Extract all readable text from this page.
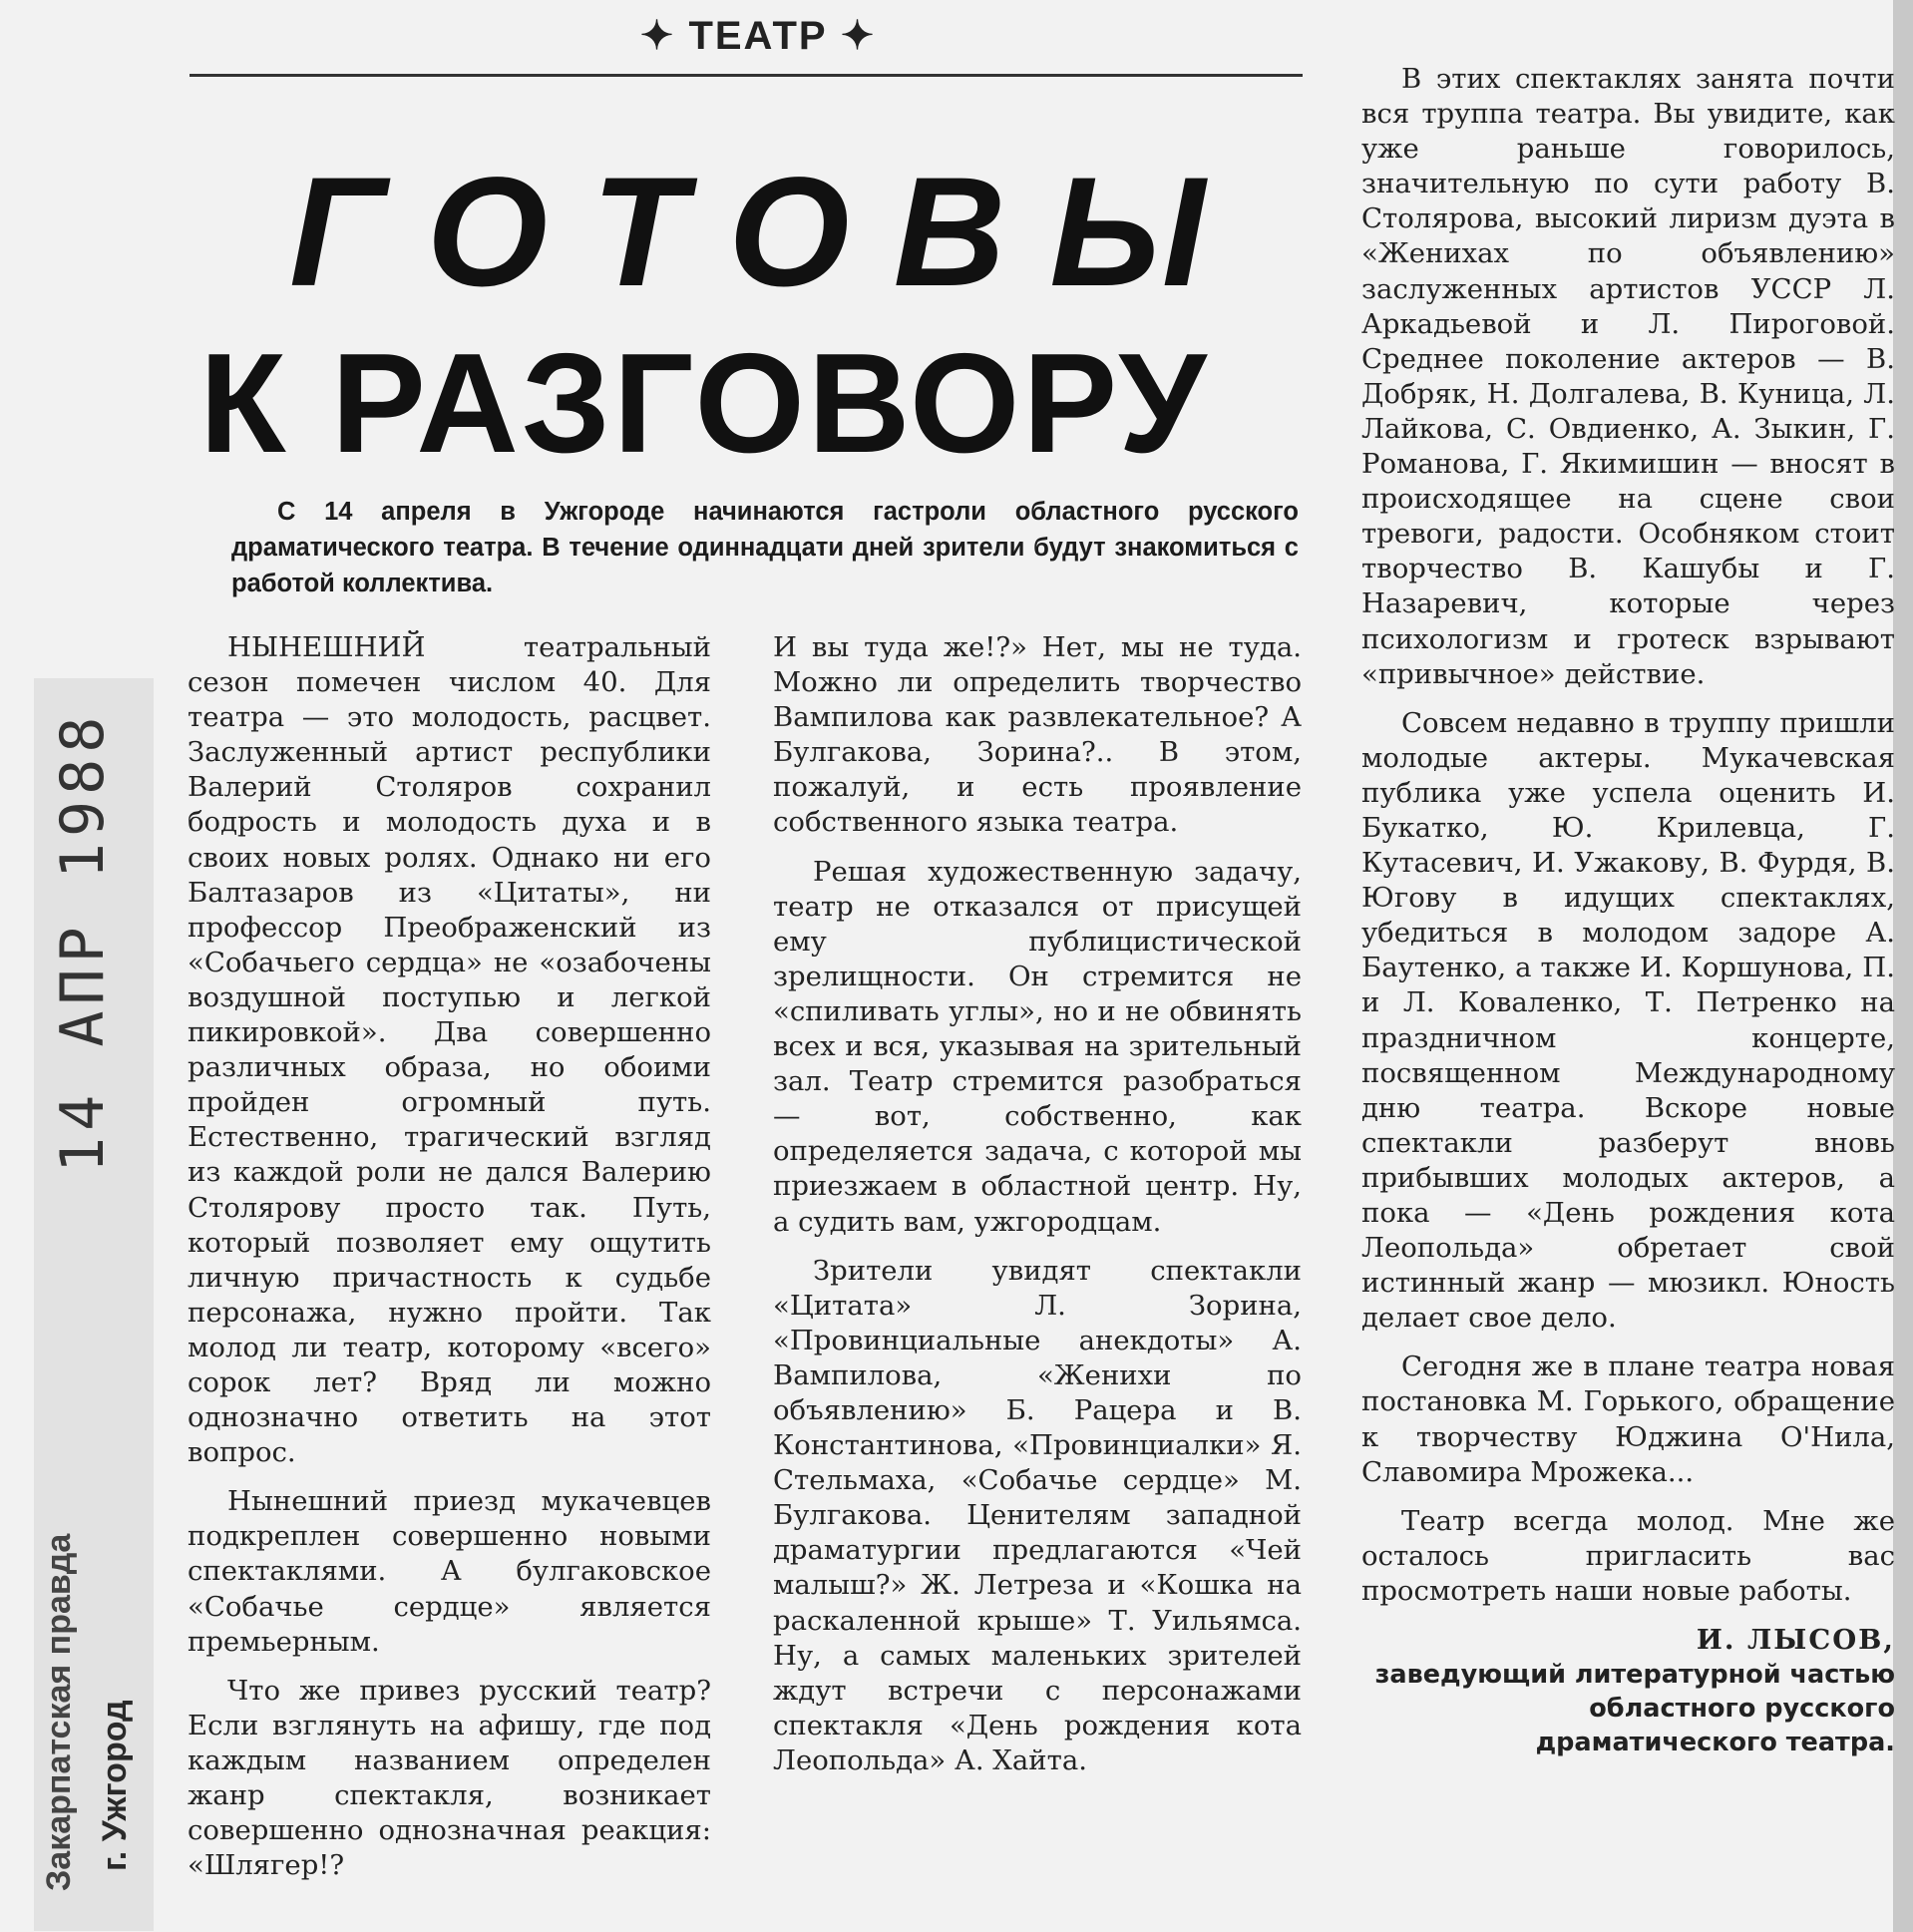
Закарпатская правда г. Ужгород
14 АПР 1988
✦ ТЕАТР ✦
ГОТОВЫ
К РАЗГОВОРУ

С 14 апреля в Ужгороде начинаются гастроли областного русского драматического театра. В течение одиннадцати дней зрители будут знакомиться с работой коллектива.

НЫНЕШНИЙ театральный сезон помечен числом 40. Для театра — это молодость, расцвет. Заслуженный артист республики Валерий Столяров сохранил бодрость и молодость духа и в своих новых ролях. Однако ни его Балтазаров из «Цитаты», ни профессор Преображенский из «Собачьего сердца» не «озабочены воздушной поступью и легкой пикировкой». Два совершенно различных образа, но обоими пройден огромный путь. Естественно, трагический взгляд из каждой роли не дался Валерию Столярову просто так. Путь, который позволяет ему ощутить личную причастность к судьбе персонажа, нужно пройти. Так молод ли театр, которому «всего» сорок лет? Вряд ли можно однозначно ответить на этот вопрос.

Нынешний приезд мукачевцев подкреплен совершенно новыми спектаклями. А булгаковское «Собачье сердце» является премьерным.

Что же привез русский театр? Если взглянуть на афишу, где под каждым названием определен жанр спектакля, возникает совершенно однозначная реакция: «Шлягер!?

И вы туда же!?» Нет, мы не туда. Можно ли определить творчество Вампилова как развлекательное? А Булгакова, Зорина?.. В этом, пожалуй, и есть проявление собственного языка театра.

Решая художественную задачу, театр не отказался от присущей ему публицистической зрелищности. Он стремится не «спиливать углы», но и не обвинять всех и вся, указывая на зрительный зал. Театр стремится разобраться — вот, собственно, как определяется задача, с которой мы приезжаем в областной центр. Ну, а судить вам, ужгородцам.

Зрители увидят спектакли «Цитата» Л. Зорина, «Провинциальные анекдоты» А. Вампилова, «Женихи по объявлению» Б. Рацера и В. Константинова, «Провинциалки» Я. Стельмаха, «Собачье сердце» М. Булгакова. Ценителям западной драматургии предлагаются «Чей малыш?» Ж. Летреза и «Кошка на раскаленной крыше» Т. Уильямса. Ну, а самых маленьких зрителей ждут встречи с персонажами спектакля «День рождения кота Леопольда» А. Хайта.

В этих спектаклях занята почти вся труппа театра. Вы увидите, как уже раньше говорилось, значительную по сути работу В. Столярова, высокий лиризм дуэта в «Женихах по объявлению» заслуженных артистов УССР Л. Аркадьевой и Л. Пироговой. Среднее поколение актеров — В. Добряк, Н. Долгалева, В. Куница, Л. Лайкова, С. Овдиенко, А. Зыкин, Г. Романова, Г. Якимишин — вносят в происходящее на сцене свои тревоги, радости. Особняком стоит творчество В. Кашубы и Г. Назаревич, которые через психологизм и гротеск взрывают «привычное» действие.

Совсем недавно в труппу пришли молодые актеры. Мукачевская публика уже успела оценить И. Букатко, Ю. Крилевца, Г. Кутасевич, И. Ужакову, В. Фурдя, В. Югову в идущих спектаклях, убедиться в молодом задоре А. Баутенко, а также И. Коршунова, П. и Л. Коваленко, Т. Петренко на праздничном концерте, посвященном Международному дню театра. Вскоре новые спектакли разберут вновь прибывших молодых актеров, а пока — «День рождения кота Леопольда» обретает свой истинный жанр — мюзикл. Юность делает свое дело.

Сегодня же в плане театра новая постановка М. Горького, обращение к творчеству Юджина О'Нила, Славомира Мрожека...

Театр всегда молод. Мне же осталось пригласить вас просмотреть наши новые работы.

И. ЛЫСОВ,
заведующий литературной частью областного русского драматического театра.
